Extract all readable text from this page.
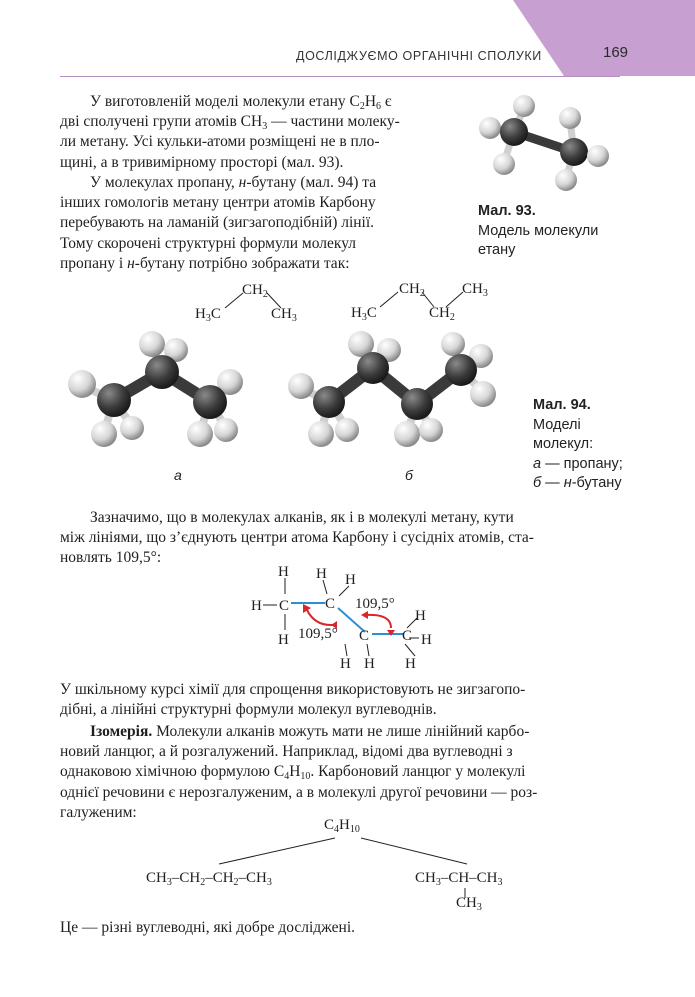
ДОСЛІДЖУЄМО ОРГАНІЧНІ СПОЛУКИ	169

У виготовленій моделі молекули етану $C_2H_6$ є

дві сполучені групи атомів $CH_3$ — частини молеку-

ли метану. Усі кульки-атоми розміщені не в пло-

щині, а в тривимірному просторі (мал. 93).

У молекулах пропану, н-бутану (мал. 94) та

інших гомологів метану центри атомів Карбону

перебувають на ламаній (зигзагоподібній) лінії.

Тому скорочені структурні формули молекул

пропану і н-бутану потрібно зображати так:

Мал. 93.
Модель молекули
етану
$CH_2$
$H_3C$	$CH_3$
$CH_2$ $CH_3$
$H_3C$	$CH_2$
а	б
Мал. 94.
Моделі
молекул:
а — пропану;
б — н-бутану

Зазначимо, що в молекулах алканів, як і в молекулі метану, кути

між лініями, що з’єднують центри атома Карбону і сусідніх атомів, ста-

новлять 109,5°:

H
H C
H
H H
C 109,5°
109,5° C C
H
H
H H H

У шкільному курсі хімії для спрощення використовують не зигзагопо-

дібні, а лінійні структурні формули молекул вуглеводнів.

Ізомерія. Молекули алканів можуть мати не лише лінійний карбо-

новий ланцюг, а й розгалужений. Наприклад, відомі два вуглеводні з

однаковою хімічною формулою $C_4H_{10}$. Карбоновий ланцюг у молекулі

однієї речовини є нерозгалуженим, а в молекулі другої речовини — роз-

галуженим:

$C_4H_{10}$
$CH_3-CH_2-CH_2-CH_3$	$CH_3-CH-CH_3$
$CH_3$

Це — різні вуглеводні, які добре досліджені.
